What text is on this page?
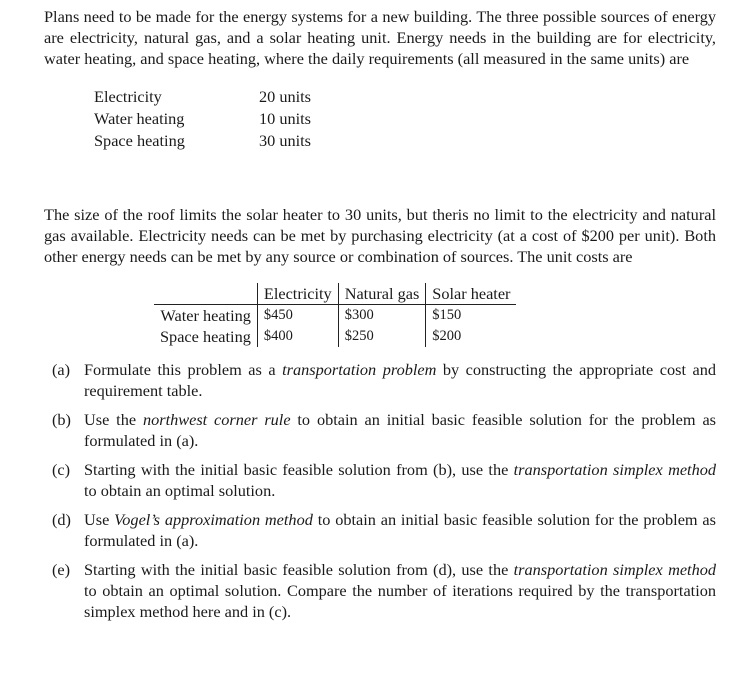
Plans need to be made for the energy systems for a new building. The three possible sources of energy are electricity, natural gas, and a solar heating unit. Energy needs in the building are for electricity, water heating, and space heating, where the daily requirements (all measured in the same units) are

Electricity	20 units
Water heating	10 units
Space heating	30 units

The size of the roof limits the solar heater to 30 units, but theris no limit to the electricity and natural gas available. Electricity needs can be met by purchasing electricity (at a cost of $200 per unit). Both other energy needs can be met by any source or combination of sources. The unit costs are

	Electricity	Natural gas	Solar heater
Water heating	$450	$300	$150
Space heating	$400	$250	$200
(a) Formulate this problem as a transportation problem by constructing the appropriate cost and requirement table.
(b) Use the northwest corner rule to obtain an initial basic feasible solution for the problem as formulated in (a).
(c) Starting with the initial basic feasible solution from (b), use the transportation simplex method to obtain an optimal solution.
(d) Use Vogel’s approximation method to obtain an initial basic feasible solution for the problem as formulated in (a).
(e) Starting with the initial basic feasible solution from (d), use the transportation simplex method to obtain an optimal solution. Compare the number of iterations required by the transportation simplex method here and in (c).
